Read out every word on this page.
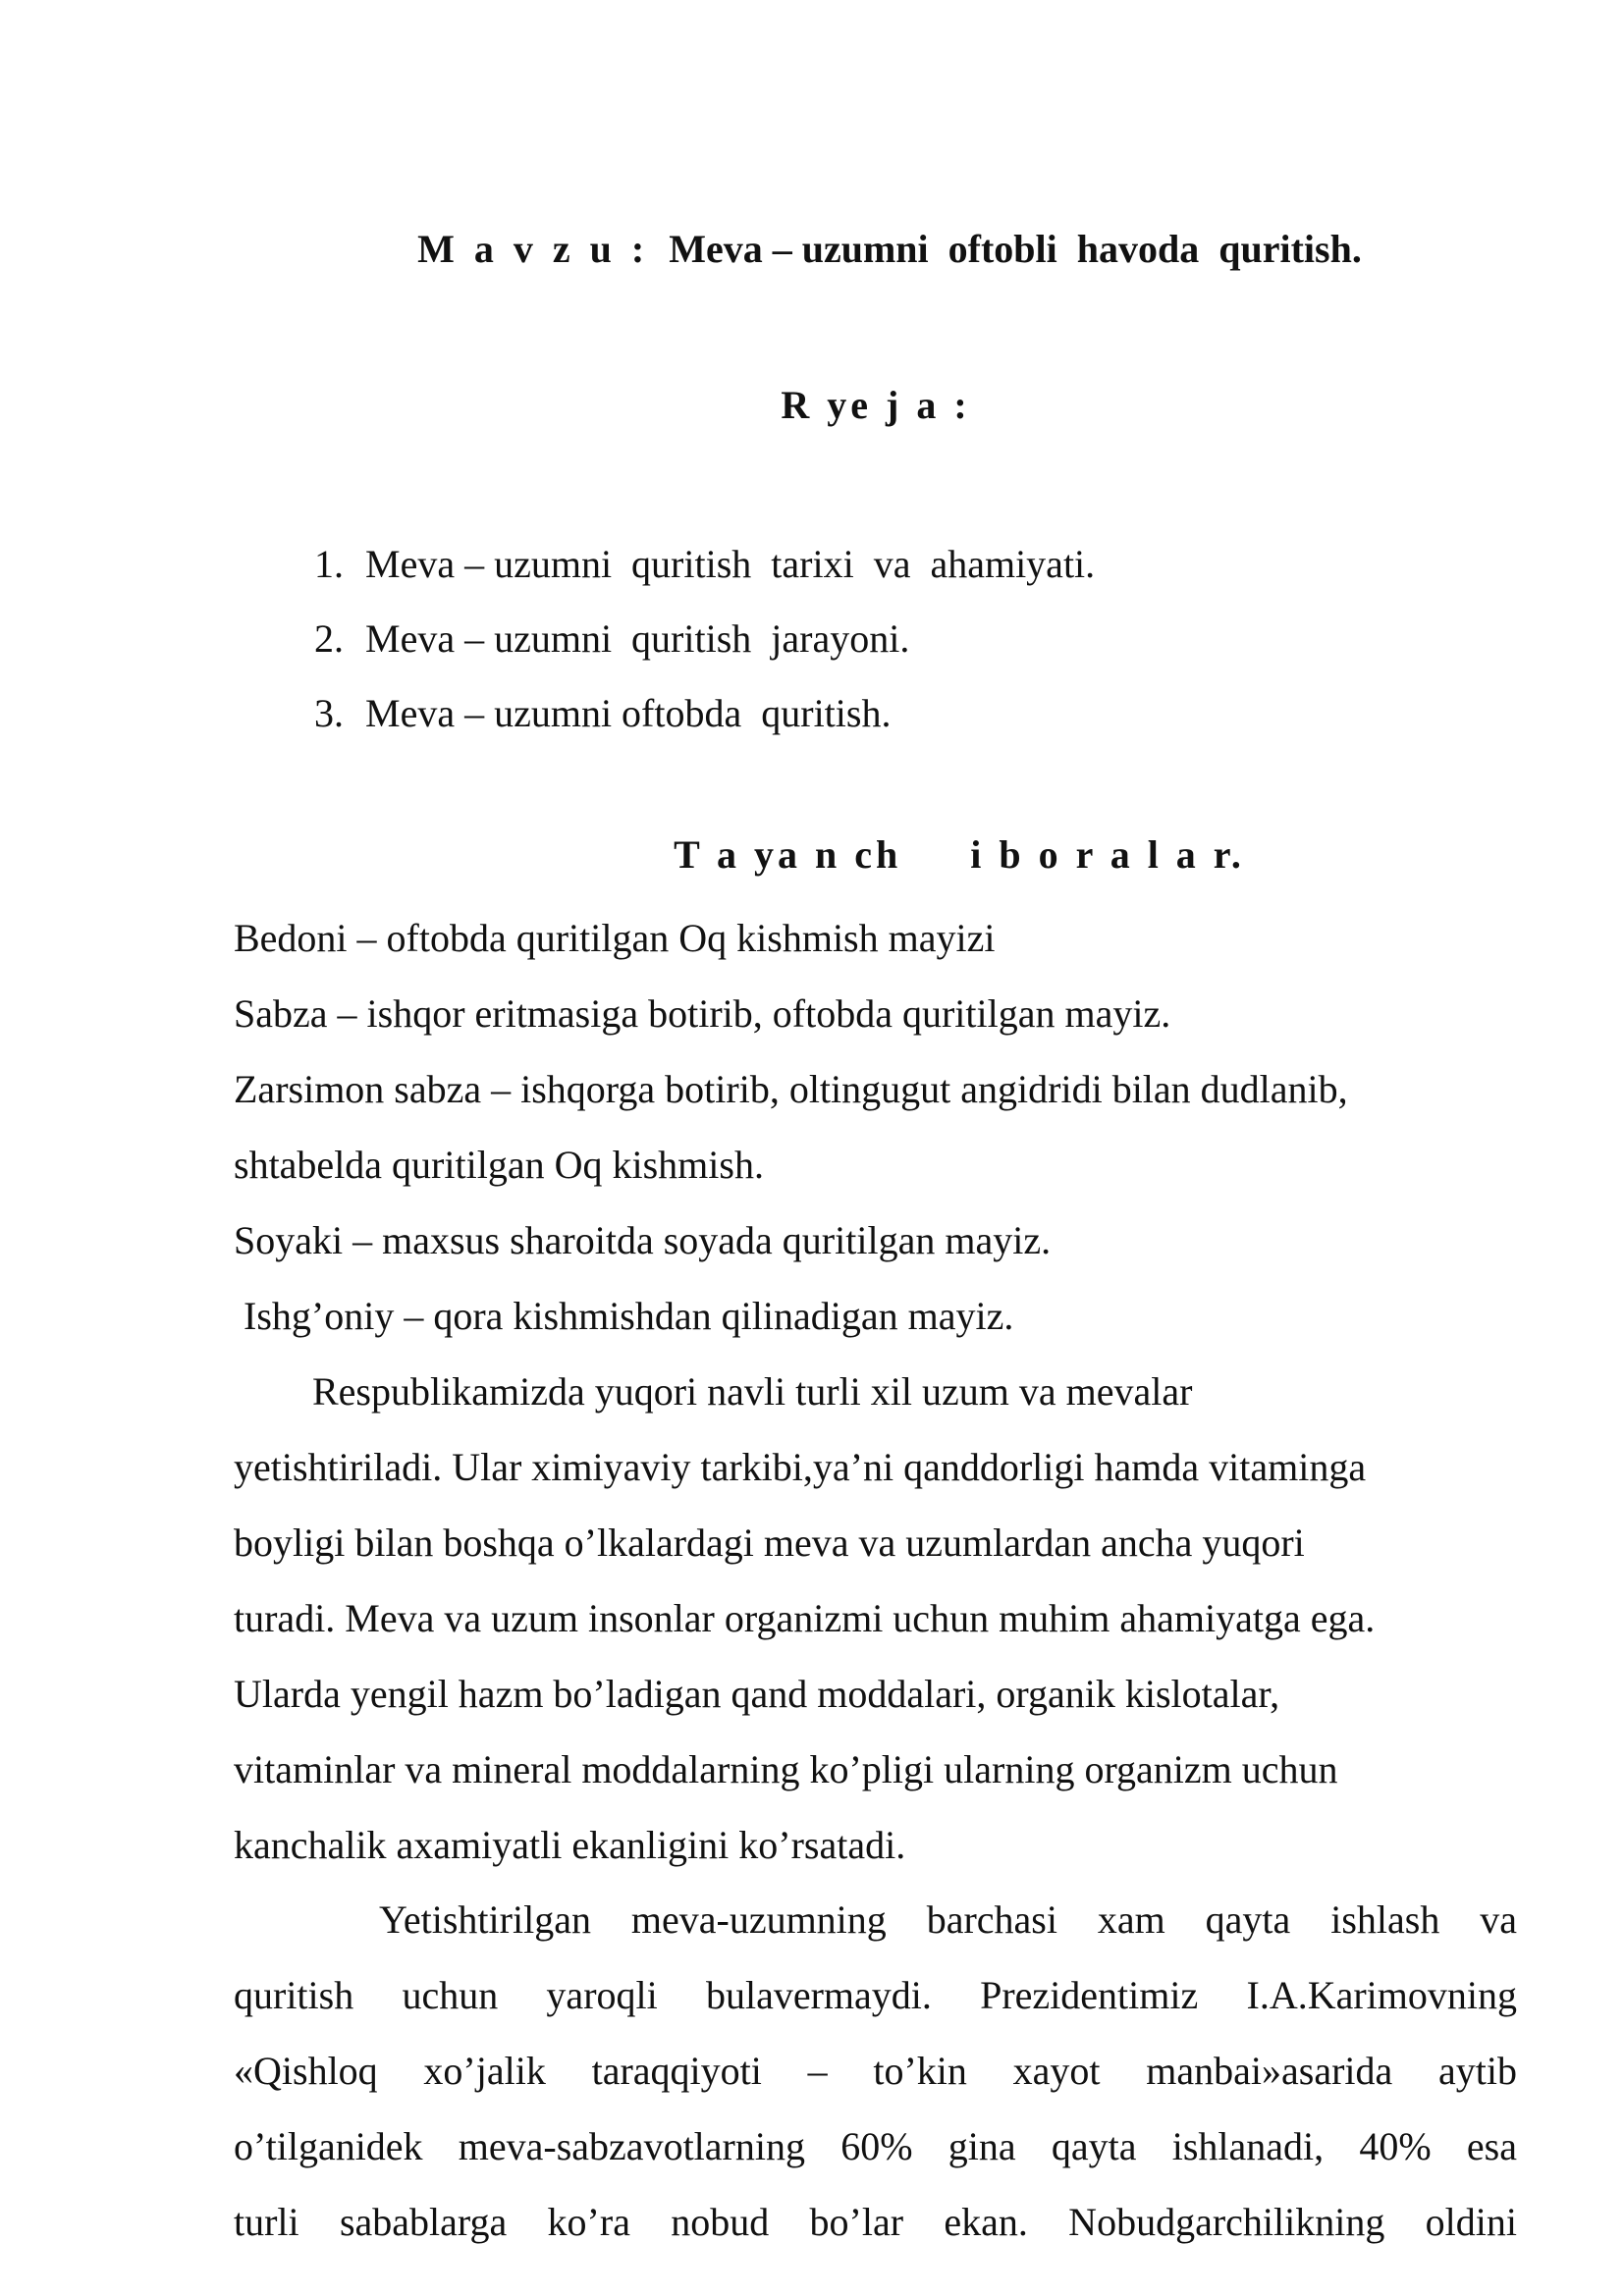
M a v z u : Meva – uzumni  oftobli  havoda  quritish.
R ye j a :
1. Meva – uzumni  quritish  tarixi  va  ahamiyati.
2. Meva – uzumni  quritish  jarayoni.
3. Meva – uzumni oftobda  quritish.
T a ya n ch     i b o r a l a r.
Bedoni – oftobda quritilgan Oq kishmish mayizi
Sabza – ishqor eritmasiga botirib, oftobda quritilgan mayiz.
Zarsimon sabza – ishqorga botirib, oltingugut angidridi bilan dudlanib,
shtabelda quritilgan Oq kishmish.
Soyaki – maxsus sharoitda soyada quritilgan mayiz.
Ishg’oniy – qora kishmishdan qilinadigan mayiz.
Respublikamizda yuqori navli turli xil uzum va mevalar
yetishtiriladi. Ular ximiyaviy tarkibi,ya’ni qanddorligi hamda vitaminga
boyligi bilan boshqa o’lkalardagi meva va uzumlardan ancha yuqori
turadi. Meva va uzum insonlar organizmi uchun muhim ahamiyatga ega.
Ularda yengil hazm bo’ladigan qand moddalari, organik kislotalar,
vitaminlar va mineral moddalarning ko’pligi ularning organizm uchun
kanchalik axamiyatli ekanligini ko’rsatadi.
Yetishtirilgan meva-uzumning barchasi xam qayta ishlash va
quritish uchun yaroqli bulavermaydi. Prezidentimiz I.A.Karimovning
«Qishloq xo’jalik taraqqiyoti – to’kin xayot manbai»asarida aytib
o’tilganidek meva-sabzavotlarning 60% gina qayta ishlanadi, 40% esa
turli sabablarga ko’ra nobud bo’lar ekan. Nobudgarchilikning oldini
